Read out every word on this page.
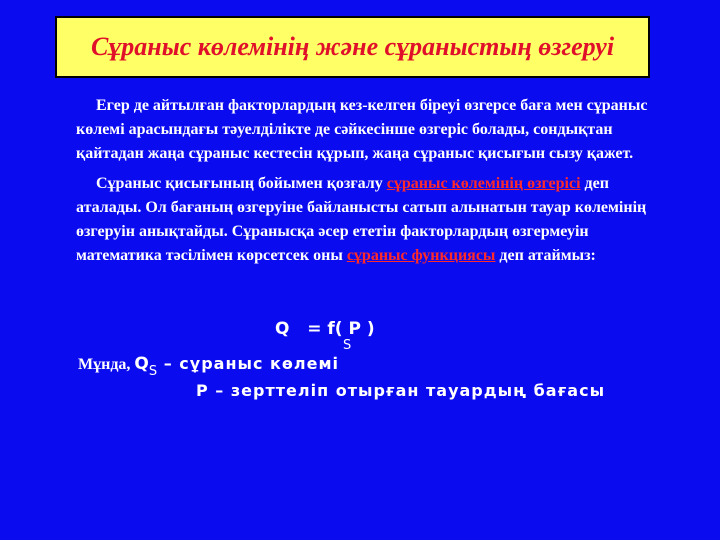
Сұраныс көлемінің және сұраныстың өзгеруі

Егер де айтылған факторлардың кез-келген біреуі өзгерсе баға мен сұраныс көлемі арасындағы тәуелділікте де сәйкесінше өзгеріс болады, сондықтан қайтадан жаңа сұраныс кестесін құрып, жаңа сұраныс қисығын сызу қажет.

Сұраныс қисығының бойымен қозғалу сұраныс көлемінің өзгерісі деп аталады. Ол бағаның өзгеруіне байланысты сатып алынатын тауар көлемінің өзгеруін анықтайды. Сұранысқа әсер ететін факторлардың өзгермеуін математика тәсілімен көрсетсек оны сұраныс функциясы деп атаймыз:

Q   = f( P )
S
Мұнда, $Q_S$ – сұраныс көлемі
P – зерттеліп отырған тауардың бағасы
